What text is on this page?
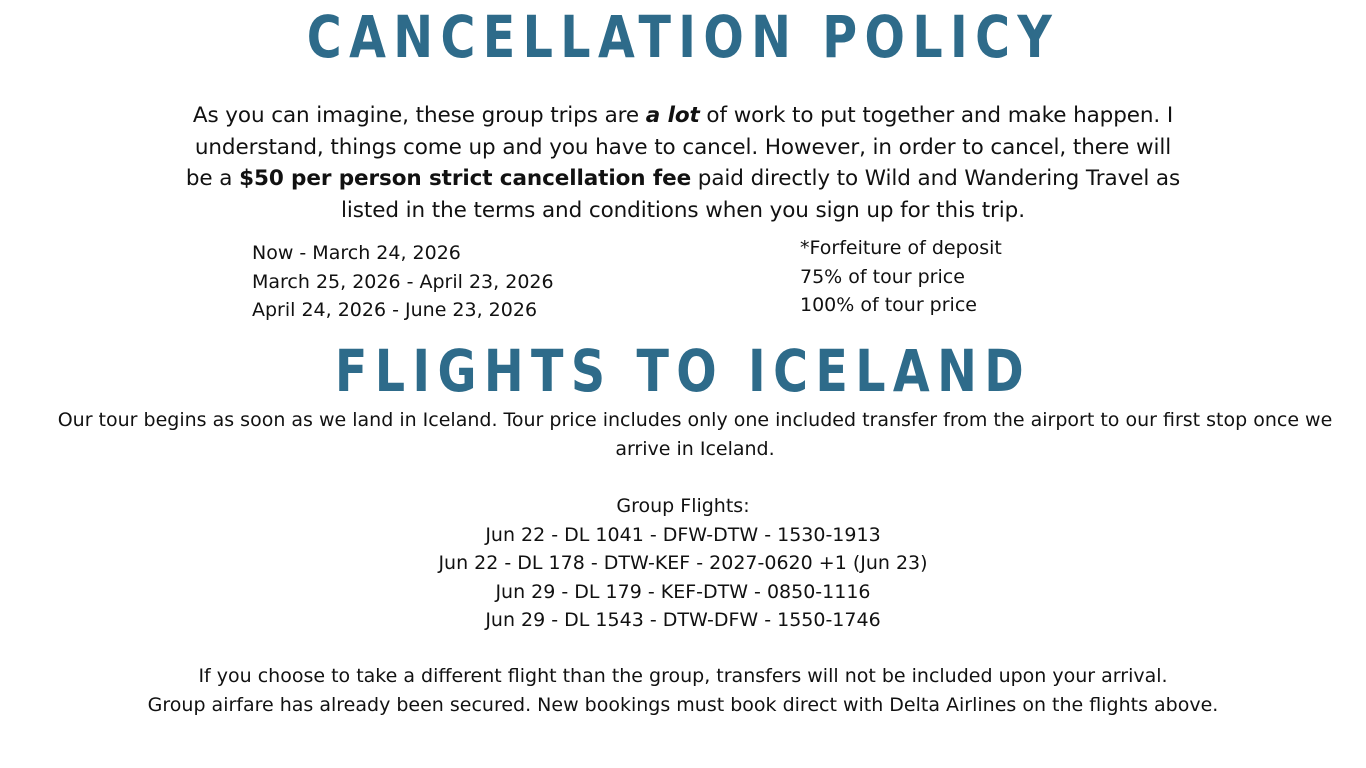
CANCELLATION POLICY
As you can imagine, these group trips are a lot of work to put together and make happen. I understand, things come up and you have to cancel. However, in order to cancel, there will be a $50 per person strict cancellation fee paid directly to Wild and Wandering Travel as listed in the terms and conditions when you sign up for this trip.
Now - March 24, 2026
March 25, 2026 - April 23, 2026
April 24, 2026 - June 23, 2026
*Forfeiture of deposit
75% of tour price
100% of tour price
FLIGHTS TO ICELAND
Our tour begins as soon as we land in Iceland. Tour price includes only one included transfer from the airport to our first stop once we arrive in Iceland.
Group Flights:
Jun 22 - DL 1041 - DFW-DTW - 1530-1913
Jun 22 - DL 178 - DTW-KEF - 2027-0620 +1 (Jun 23)
Jun 29 - DL 179 - KEF-DTW - 0850-1116
Jun 29 - DL 1543 - DTW-DFW - 1550-1746
If you choose to take a different flight than the group, transfers will not be included upon your arrival.
Group airfare has already been secured. New bookings must book direct with Delta Airlines on the flights above.
